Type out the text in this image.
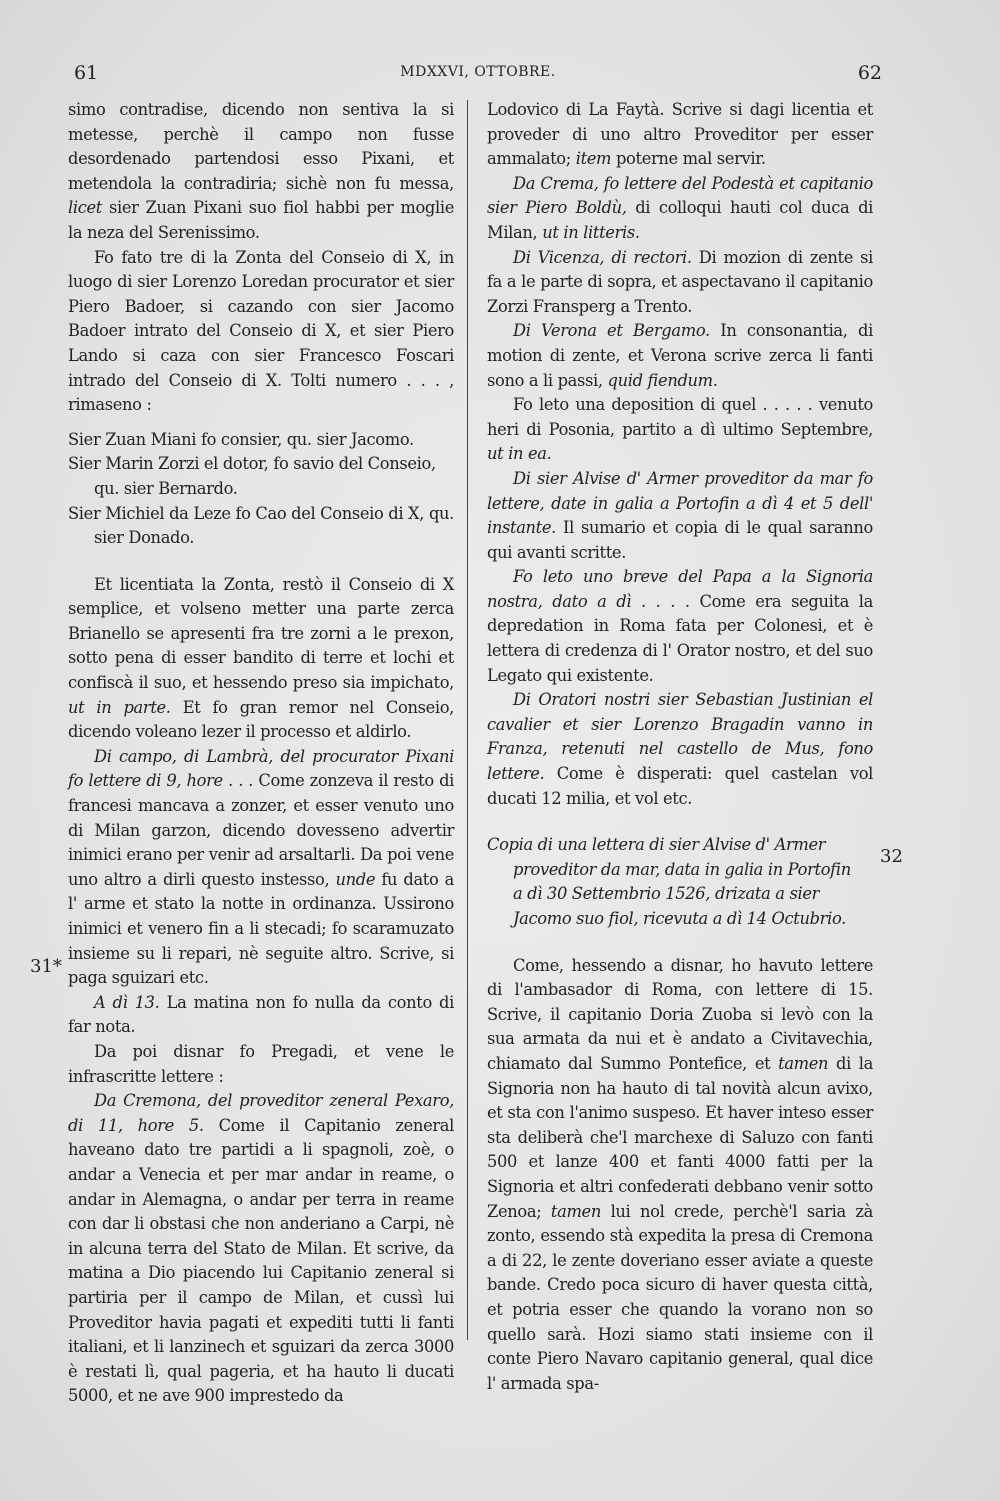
61	MDXXVI, OTTOBRE.	62
31*
32

simo contradise, dicendo non sentiva la si metesse, perchè il campo non fusse desordenado partendosi esso Pixani, et metendola la contradiria; sichè non fu messa, licet sier Zuan Pixani suo fiol habbi per moglie la neza del Serenissimo.

Fo fato tre di la Zonta del Conseio di X, in luogo di sier Lorenzo Loredan procurator et sier Piero Badoer, si cazando con sier Jacomo Badoer intrato del Conseio di X, et sier Piero Lando si caza con sier Francesco Foscari intrado del Conseio di X. Tolti numero . . . , rimaseno :

Sier Zuan Miani fo consier, qu. sier Jacomo.

Sier Marin Zorzi el dotor, fo savio del Conseio, qu. sier Bernardo.

Sier Michiel da Leze fo Cao del Conseio di X, qu. sier Donado.

Et licentiata la Zonta, restò il Conseio di X semplice, et volseno metter una parte zerca Brianello se apresenti fra tre zorni a le prexon, sotto pena di esser bandito di terre et lochi et confiscà il suo, et hessendo preso sia impichato, ut in parte. Et fo gran remor nel Conseio, dicendo voleano lezer il processo et aldirlo.

Di campo, di Lambrà, del procurator Pixani fo lettere di 9, hore . . . Come zonzeva il resto di francesi mancava a zonzer, et esser venuto uno di Milan garzon, dicendo dovesseno advertir inimici erano per venir ad arsaltarli. Da poi vene uno altro a dirli questo instesso, unde fu dato a l' arme et stato la notte in ordinanza. Ussirono inimici et venero fin a li stecadi; fo scaramuzato insieme su li repari, nè seguite altro. Scrive, si paga sguizari etc.

A dì 13. La matina non fo nulla da conto di far nota.

Da poi disnar fo Pregadi, et vene le infrascritte lettere :

Da Cremona, del proveditor zeneral Pexaro, di 11, hore 5. Come il Capitanio zeneral haveano dato tre partidi a li spagnoli, zoè, o andar a Venecia et per mar andar in reame, o andar in Alemagna, o andar per terra in reame con dar li obstasi che non anderiano a Carpi, nè in alcuna terra del Stato de Milan. Et scrive, da matina a Dio piacendo lui Capitanio zeneral si partiria per il campo de Milan, et cussì lui Proveditor havia pagati et expediti tutti li fanti italiani, et li lanzinech et sguizari da zerca 3000 è restati lì, qual pageria, et ha hauto li ducati 5000, et ne ave 900 imprestedo da

Lodovico di La Faytà. Scrive si dagi licentia et proveder di uno altro Proveditor per esser ammalato; item poterne mal servir.

Da Crema, fo lettere del Podestà et capitanio sier Piero Boldù, di colloqui hauti col duca di Milan, ut in litteris.

Di Vicenza, di rectori. Di mozion di zente si fa a le parte di sopra, et aspectavano il capitanio Zorzi Fransperg a Trento.

Di Verona et Bergamo. In consonantia, di motion di zente, et Verona scrive zerca li fanti sono a li passi, quid fiendum.

Fo leto una deposition di quel . . . . . venuto heri di Posonia, partito a dì ultimo Septembre, ut in ea.

Di sier Alvise d' Armer proveditor da mar fo lettere, date in galia a Portofin a dì 4 et 5 dell' instante. Il sumario et copia di le qual saranno qui avanti scritte.

Fo leto uno breve del Papa a la Signoria nostra, dato a dì . . . . Come era seguita la depredation in Roma fata per Colonesi, et è lettera di credenza di l' Orator nostro, et del suo Legato qui existente.

Di Oratori nostri sier Sebastian Justinian el cavalier et sier Lorenzo Bragadin vanno in Franza, retenuti nel castello de Mus, fono lettere. Come è disperati: quel castelan vol ducati 12 milia, et vol etc.

Copia di una lettera di sier Alvise d' Armer proveditor da mar, data in galia in Portofin a dì 30 Settembrio 1526, drizata a sier Jacomo suo fiol, ricevuta a dì 14 Octubrio.

Come, hessendo a disnar, ho havuto lettere di l'ambasador di Roma, con lettere di 15. Scrive, il capitanio Doria Zuoba si levò con la sua armata da nui et è andato a Civitavechia, chiamato dal Summo Pontefice, et tamen di la Signoria non ha hauto di tal novità alcun avixo, et sta con l'animo suspeso. Et haver inteso esser sta deliberà che'l marchexe di Saluzo con fanti 500 et lanze 400 et fanti 4000 fatti per la Signoria et altri confederati debbano venir sotto Zenoa; tamen lui nol crede, perchè'l saria zà zonto, essendo stà expedita la presa di Cremona a di 22, le zente doveriano esser aviate a queste bande. Credo poca sicuro di haver questa città, et potria esser che quando la vorano non so quello sarà. Hozi siamo stati insieme con il conte Piero Navaro capitanio general, qual dice l' armada spa-
